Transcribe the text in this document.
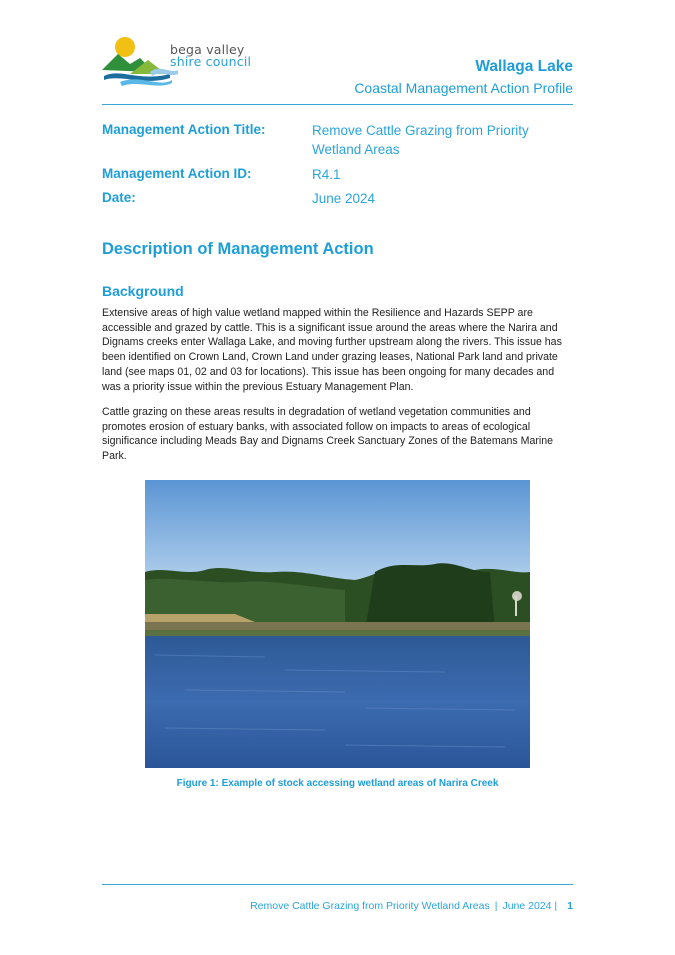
bega valley
shire council	Wallaga Lake
Coastal Management Action Profile
Management Action Title:	Remove Cattle Grazing from Priority Wetland Areas
Management Action ID:	R4.1
Date:	June 2024
Description of Management Action
Background

Extensive areas of high value wetland mapped within the Resilience and Hazards SEPP are accessible and grazed by cattle. This is a significant issue around the areas where the Narira and Dignams creeks enter Wallaga Lake, and moving further upstream along the rivers. This issue has been identified on Crown Land, Crown Land under grazing leases, National Park land and private land (see maps 01, 02 and 03 for locations). This issue has been ongoing for many decades and was a priority issue within the previous Estuary Management Plan.

Cattle grazing on these areas results in degradation of wetland vegetation communities and promotes erosion of estuary banks, with associated follow on impacts to areas of ecological significance including Meads Bay and Dignams Creek Sanctuary Zones of the Batemans Marine Park.

Figure 1: Example of stock accessing wetland areas of Narira Creek
Remove Cattle Grazing from Priority Wetland Areas | June 2024 | 1
